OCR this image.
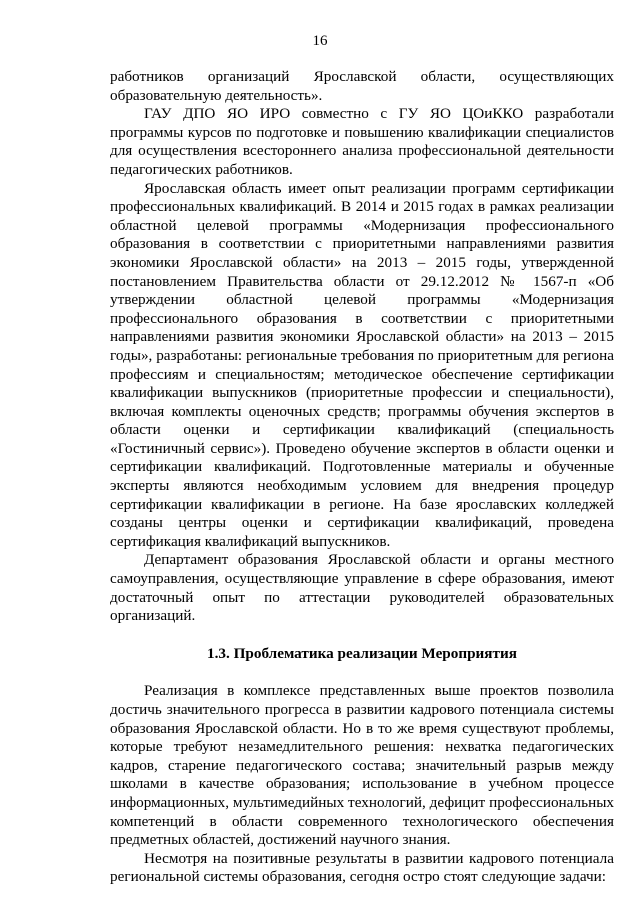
16

работников организаций Ярославской области, осуществляющих образовательную деятельность».

ГАУ ДПО ЯО ИРО совместно с ГУ ЯО ЦОиККО разработали программы курсов по подготовке и повышению квалификации специалистов для осуществления всестороннего анализа профессиональной деятельности педагогических работников.

Ярославская область имеет опыт реализации программ сертификации профессиональных квалификаций. В 2014 и 2015 годах в рамках реализации областной целевой программы «Модернизация профессионального образования в соответствии с приоритетными направлениями развития экономики Ярославской области» на 2013 – 2015 годы, утвержденной постановлением Правительства области от 29.12.2012 № 1567-п «Об утверждении областной целевой программы «Модернизация профессионального образования в соответствии с приоритетными направлениями развития экономики Ярославской области» на 2013 – 2015 годы», разработаны: региональные требования по приоритетным для региона профессиям и специальностям; методическое обеспечение сертификации квалификации выпускников (приоритетные профессии и специальности), включая комплекты оценочных средств; программы обучения экспертов в области оценки и сертификации квалификаций (специальность «Гостиничный сервис»). Проведено обучение экспертов в области оценки и сертификации квалификаций. Подготовленные материалы и обученные эксперты являются необходимым условием для внедрения процедур сертификации квалификации в регионе. На базе ярославских колледжей созданы центры оценки и сертификации квалификаций, проведена сертификация квалификаций выпускников.

Департамент образования Ярославской области и органы местного самоуправления, осуществляющие управление в сфере образования, имеют достаточный опыт по аттестации руководителей образовательных организаций.

1.3. Проблематика реализации Мероприятия

Реализация в комплексе представленных выше проектов позволила достичь значительного прогресса в развитии кадрового потенциала системы образования Ярославской области. Но в то же время существуют проблемы, которые требуют незамедлительного решения: нехватка педагогических кадров, старение педагогического состава; значительный разрыв между школами в качестве образования; использование в учебном процессе информационных, мультимедийных технологий, дефицит профессиональных компетенций в области современного технологического обеспечения предметных областей, достижений научного знания.

Несмотря на позитивные результаты в развитии кадрового потенциала региональной системы образования, сегодня остро стоят следующие задачи:
